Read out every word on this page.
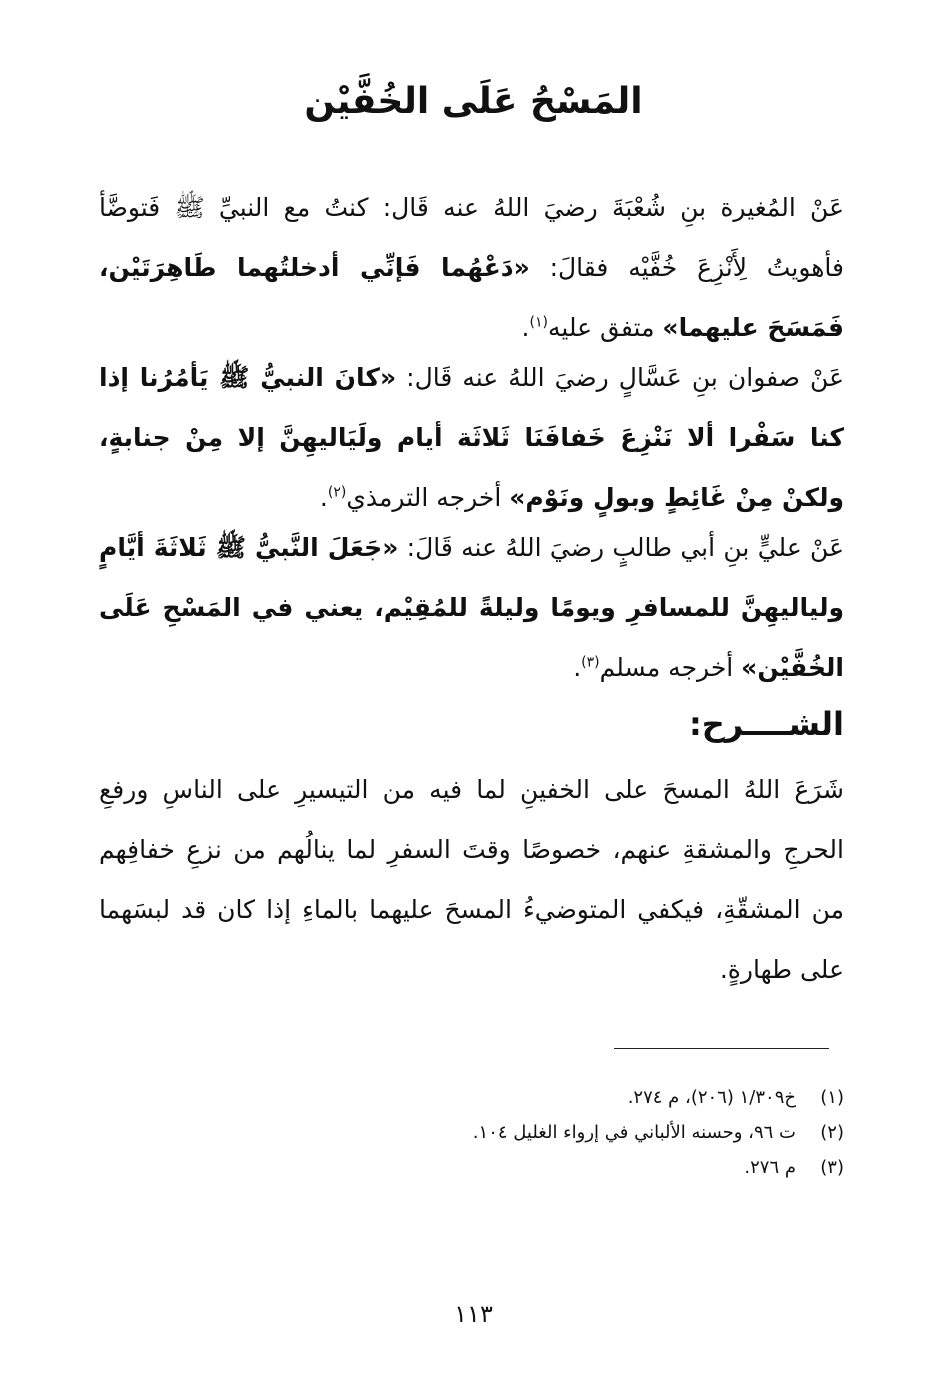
المَسْحُ عَلَى الخُفَّيْن
عَنْ المُغيرة بنِ شُعْبَةَ رضيَ اللهُ عنه قَال: كنتُ مع النبيِّ ﷺ فَتوضَّأ فأهويتُ لِأَنْزِعَ خُفَّيْه فقالَ: «دَعْهُما فَإنِّي أدخلتُهما طَاهِرَتَيْن، فَمَسَحَ عليهما» متفق عليه$^{(١)}$.
عَنْ صفوان بنِ عَسَّالٍ رضيَ اللهُ عنه قَال: «كانَ النبيُّ ﷺ يَأمُرُنا إذا كنا سَفْرا ألا نَنْزِعَ خَفافَنَا ثَلاثَة أيام ولَيَاليهِنَّ إلا مِنْ جنابةٍ، ولكنْ مِنْ غَائِطٍ وبولٍ ونَوْم» أخرجه الترمذي$^{(٢)}$.
عَنْ عليٍّ بنِ أبي طالبٍ رضيَ اللهُ عنه قَالَ: «جَعَلَ النَّبيُّ ﷺ ثَلاثَةَ أيَّامٍ ولياليهِنَّ للمسافرِ ويومًا وليلةً للمُقِيْم، يعني في المَسْحِ عَلَى الخُفَّيْن» أخرجه مسلم$^{(٣)}$.
الشــــرح:
شَرَعَ اللهُ المسحَ على الخفينِ لما فيه من التيسيرِ على الناسِ ورفعِ الحرجِ والمشقةِ عنهم، خصوصًا وقتَ السفرِ لما ينالُهم من نزعِ خفافِهم من المشقّةِ، فيكفي المتوضيءُ المسحَ عليهما بالماءِ إذا كان قد لبسَهما على طهارةٍ.
(١)
خ١/٣٠٩ (٢٠٦)، م ٢٧٤.
(٢)
ت ٩٦، وحسنه الألباني في إرواء الغليل ١٠٤.
(٣)
م ٢٧٦.
١١٣
